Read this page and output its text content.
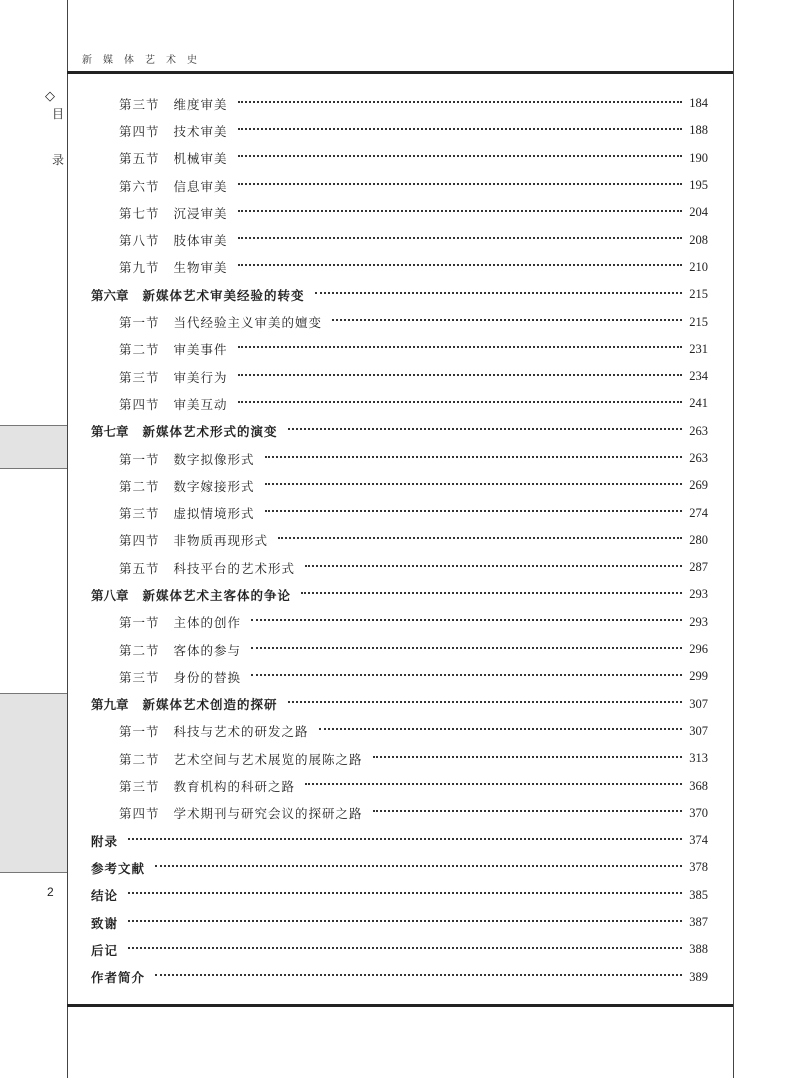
◇
目
录
2
新媒体艺术史
第三节 维度审美	184
第四节 技术审美	188
第五节 机械审美	190
第六节 信息审美	195
第七节 沉浸审美	204
第八节 肢体审美	208
第九节 生物审美	210
第六章 新媒体艺术审美经验的转变	215
第一节 当代经验主义审美的嬗变	215
第二节 审美事件	231
第三节 审美行为	234
第四节 审美互动	241
第七章 新媒体艺术形式的演变	263
第一节 数字拟像形式	263
第二节 数字嫁接形式	269
第三节 虚拟情境形式	274
第四节 非物质再现形式	280
第五节 科技平台的艺术形式	287
第八章 新媒体艺术主客体的争论	293
第一节 主体的创作	293
第二节 客体的参与	296
第三节 身份的替换	299
第九章 新媒体艺术创造的探研	307
第一节 科技与艺术的研发之路	307
第二节 艺术空间与艺术展览的展陈之路	313
第三节 教育机构的科研之路	368
第四节 学术期刊与研究会议的探研之路	370
附录	374
参考文献	378
结论	385
致谢	387
后记	388
作者简介	389
